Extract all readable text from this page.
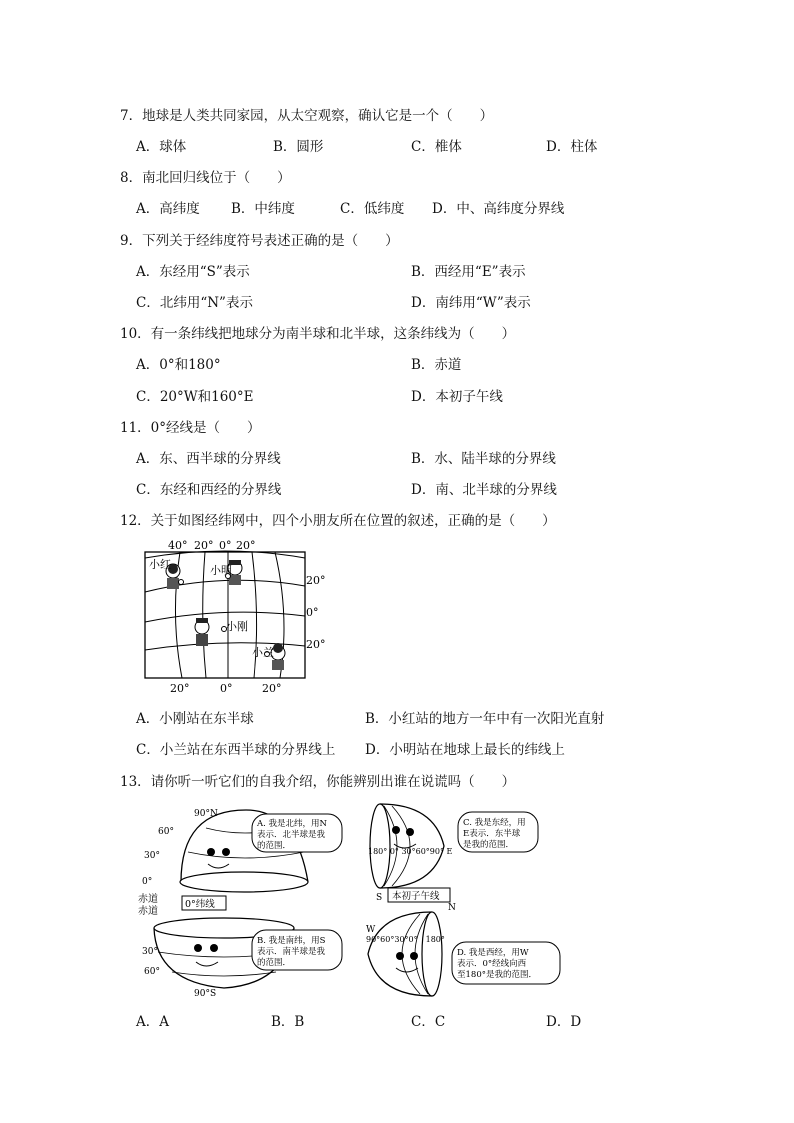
7．地球是人类共同家园，从太空观察，确认它是一个（　　）
A．球体	B．圆形	C．椎体	D．柱体
8．南北回归线位于（　　）
A．高纬度 B．中纬度	C．低纬度 D．中、高纬度分界线
9．下列关于经纬度符号表述正确的是（　　）
A．东经用“S”表示	B．西经用“E”表示
C．北纬用“N”表示	D．南纬用“W”表示
10．有一条纬线把地球分为南半球和北半球，这条纬线为（　　）
A．0°和180°	B．赤道
C．20°W和160°E	D．本初子午线
11．0°经线是（　　）
A．东、西半球的分界线	B．水、陆半球的分界线
C．东经和西经的分界线	D．南、北半球的分界线
12．关于如图经纬网中，四个小朋友所在位置的叙述，正确的是（　　）
40° 20° 0° 20°
20°
0°
20°
20°	0°	20°
小红	小明
小刚
小兰
A．小刚站在东半球	B．小红站的地方一年中有一次阳光直射
C．小兰站在东西半球的分界线上 D．小明站在地球上最长的纬线上
13．请你听一听它们的自我介绍，你能辨别出谁在说谎吗（　　）
90°N
60°
30°
0°
A. 我是北纬，用N
表示．北半球是我
的范围．
赤道
赤道
0°纬线
30°
60°
90°S
B. 我是南纬，用S
表示．南半球是我
的范围．
180° 0° 30°60°90° E
C. 我是东经，用
E表示．东半球
是我的范围．
S 本初子午线
N
W
90°60°30°0°　180°
D. 我是西经，用W
表示．0°经线向西
至180°是我的范围．
A．A	B．B	C．C	D．D
